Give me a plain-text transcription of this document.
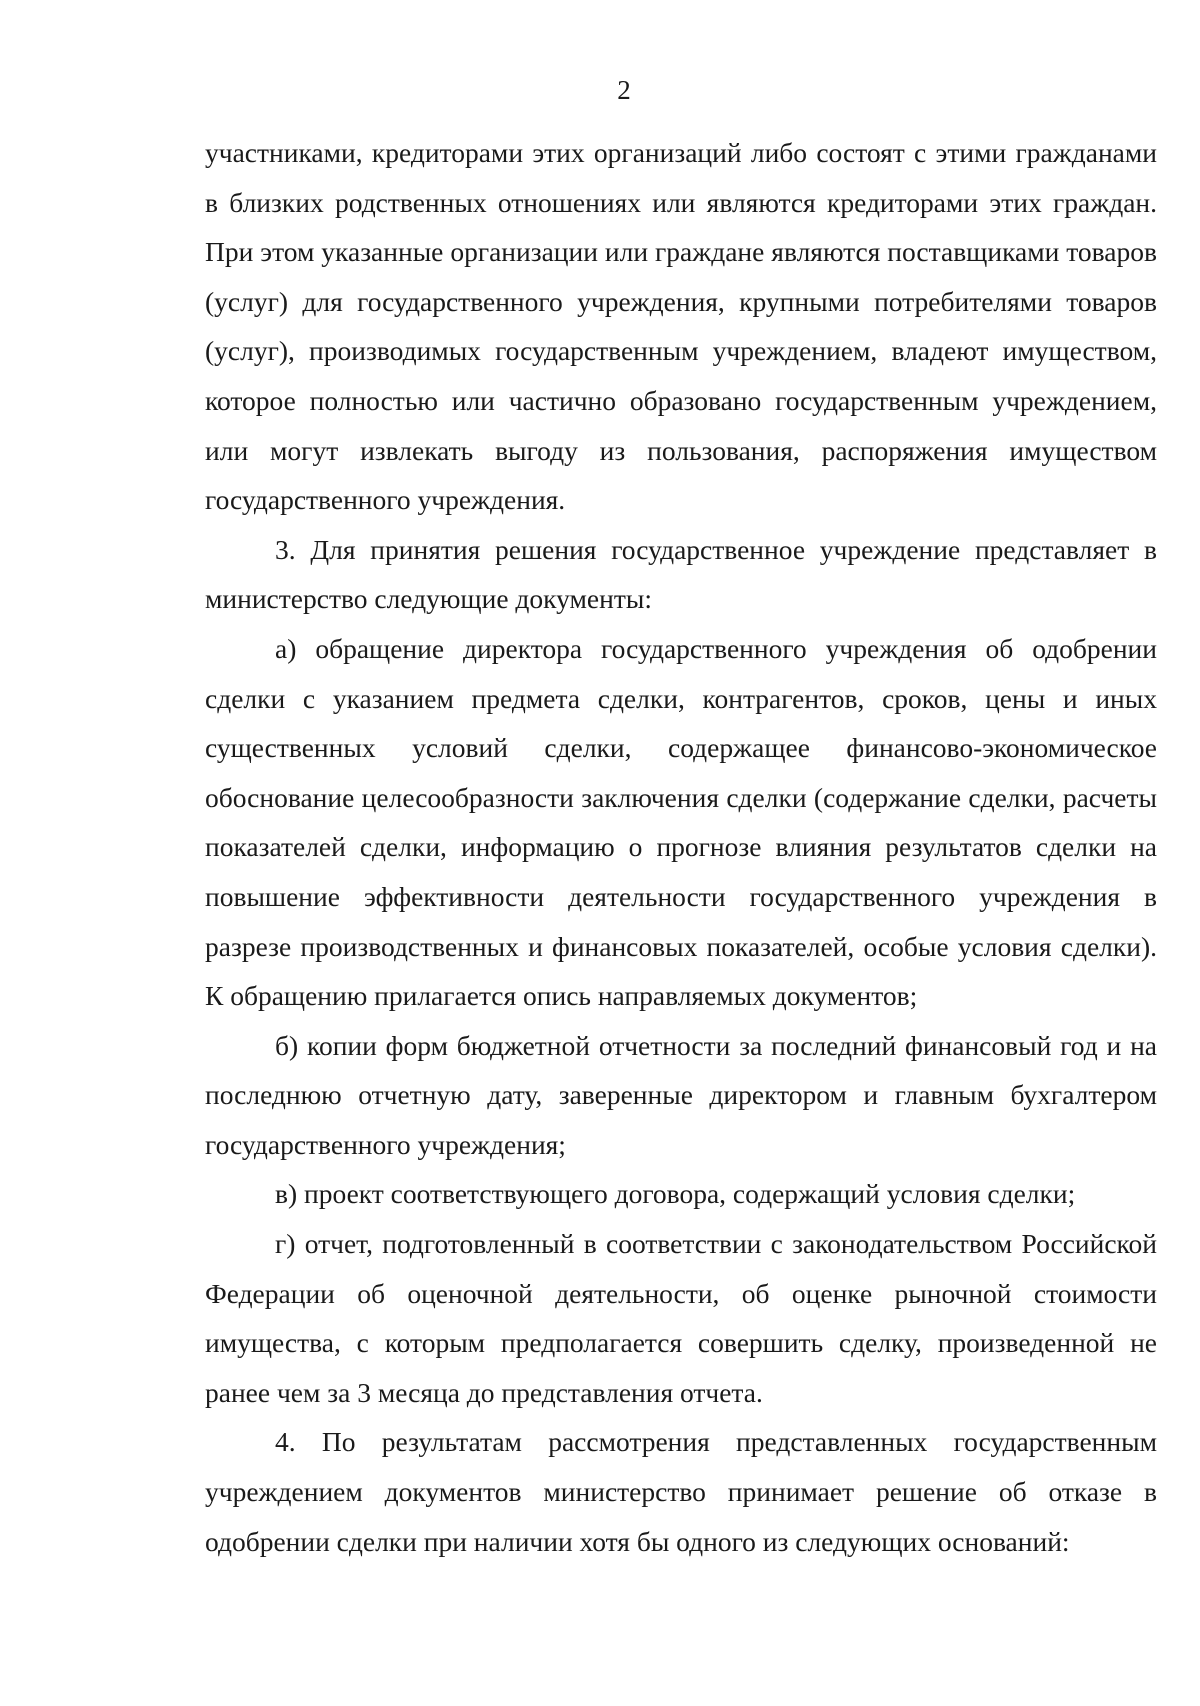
2

участниками, кредиторами этих организаций либо состоят с этими гражданами в близких родственных отношениях или являются кредиторами этих граждан. При этом указанные организации или граждане являются поставщиками товаров (услуг) для государственного учреждения, крупными потребителями товаров (услуг), производимых государственным учреждением, владеют имуществом, которое полностью или частично образовано государственным учреждением, или могут извлекать выгоду из пользования, распоряжения имуществом государственного учреждения.

3. Для принятия решения государственное учреждение представляет в министерство следующие документы:

а) обращение директора государственного учреждения об одобрении сделки с указанием предмета сделки, контрагентов, сроков, цены и иных существенных условий сделки, содержащее финансово-экономическое обоснование целесообразности заключения сделки (содержание сделки, расчеты показателей сделки, информацию о прогнозе влияния результатов сделки на повышение эффективности деятельности государственного учреждения в разрезе производственных и финансовых показателей, особые условия сделки). К обращению прилагается опись направляемых документов;

б) копии форм бюджетной отчетности за последний финансовый год и на последнюю отчетную дату, заверенные директором и главным бухгалтером государственного учреждения;

в) проект соответствующего договора, содержащий условия сделки;

г) отчет, подготовленный в соответствии с законодательством Российской Федерации об оценочной деятельности, об оценке рыночной стоимости имущества, с которым предполагается совершить сделку, произведенной не ранее чем за 3 месяца до представления отчета.

4. По результатам рассмотрения представленных государственным учреждением документов министерство принимает решение об отказе в одобрении сделки при наличии хотя бы одного из следующих оснований:
